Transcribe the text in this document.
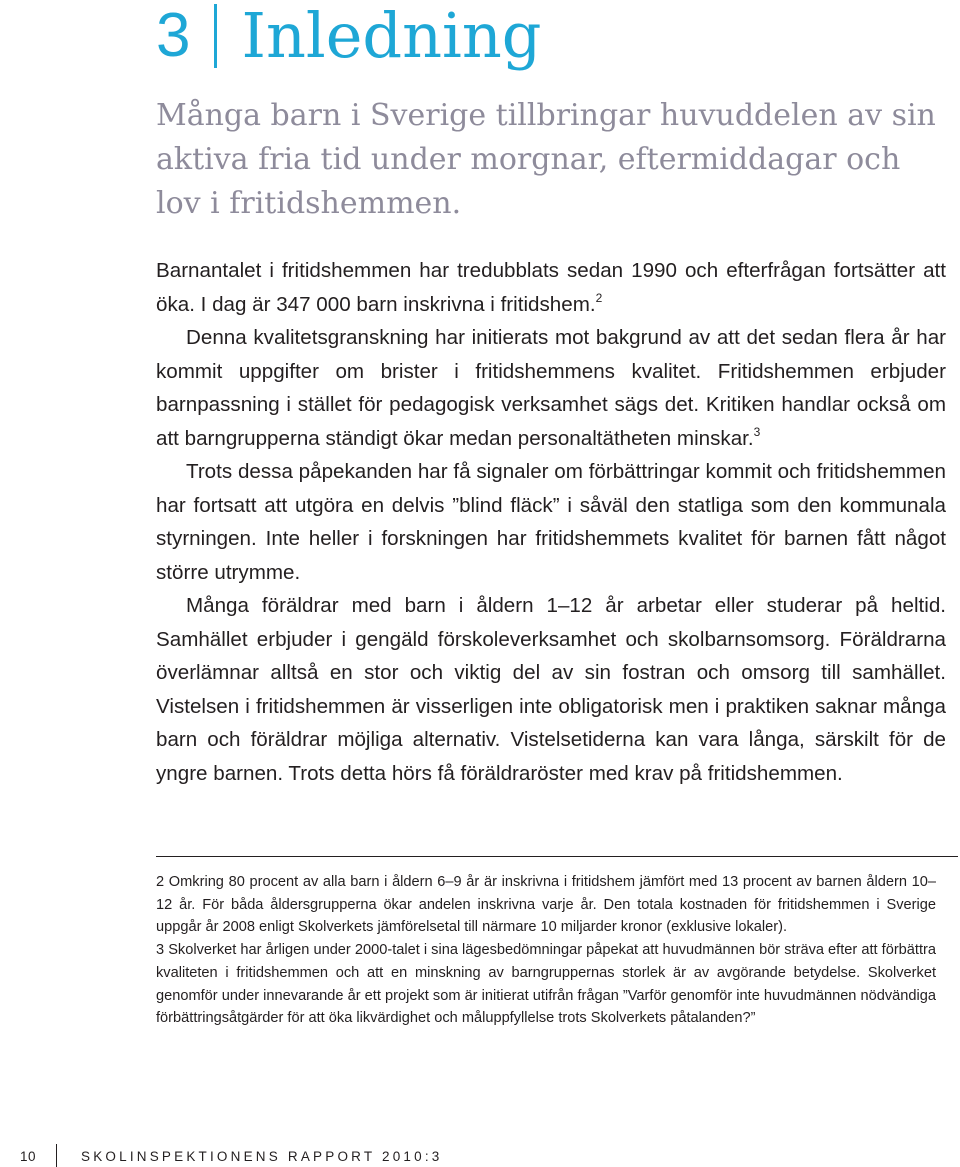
3 Inledning

Många barn i Sverige tillbringar huvuddelen av sin aktiva fria tid under morgnar, eftermiddagar och lov i fritidshemmen.

Barnantalet i fritidshemmen har tredubblats sedan 1990 och efterfrågan fortsätter att öka. I dag är 347 000 barn inskrivna i fritidshem.$^2$

Denna kvalitetsgranskning har initierats mot bakgrund av att det sedan flera år har kommit uppgifter om brister i fritidshemmens kvalitet. Fritidshemmen erbjuder barnpassning i stället för pedagogisk verksamhet sägs det. Kritiken handlar också om att barngrupperna ständigt ökar medan personaltätheten minskar.$^3$

Trots dessa påpekanden har få signaler om förbättringar kommit och fritidshemmen har fortsatt att utgöra en delvis ”blind fläck” i såväl den statliga som den kommunala styrningen. Inte heller i forskningen har fritidshemmets kvalitet för barnen fått något större utrymme.

Många föräldrar med barn i åldern 1–12 år arbetar eller studerar på heltid. Samhället erbjuder i gengäld förskoleverksamhet och skolbarnsomsorg. Föräldrarna överlämnar alltså en stor och viktig del av sin fostran och omsorg till samhället. Vistelsen i fritidshemmen är visserligen inte obligatorisk men i praktiken saknar många barn och föräldrar möjliga alternativ. Vistelsetiderna kan vara långa, särskilt för de yngre barnen. Trots detta hörs få föräldraröster med krav på fritidshemmen.

2 Omkring 80 procent av alla barn i åldern 6–9 år är inskrivna i fritidshem jämfört med 13 procent av barnen åldern 10–12 år. För båda åldersgrupperna ökar andelen inskrivna varje år. Den totala kostnaden för fritidshemmen i Sverige uppgår år 2008 enligt Skolverkets jämförelsetal till närmare 10 miljarder kronor (exklusive lokaler).

3 Skolverket har årligen under 2000-talet i sina lägesbedömningar påpekat att huvudmännen bör sträva efter att förbättra kvaliteten i fritidshemmen och att en minskning av barngruppernas storlek är av avgörande betydelse. Skolverket genomför under innevarande år ett projekt som är initierat utifrån frågan ”Varför genomför inte huvudmännen nödvändiga förbättringsåtgärder för att öka likvärdighet och måluppfyllelse trots Skolverkets påtalanden?”

10	SKOLINSPEKTIONENS RAPPORT 2010:3
